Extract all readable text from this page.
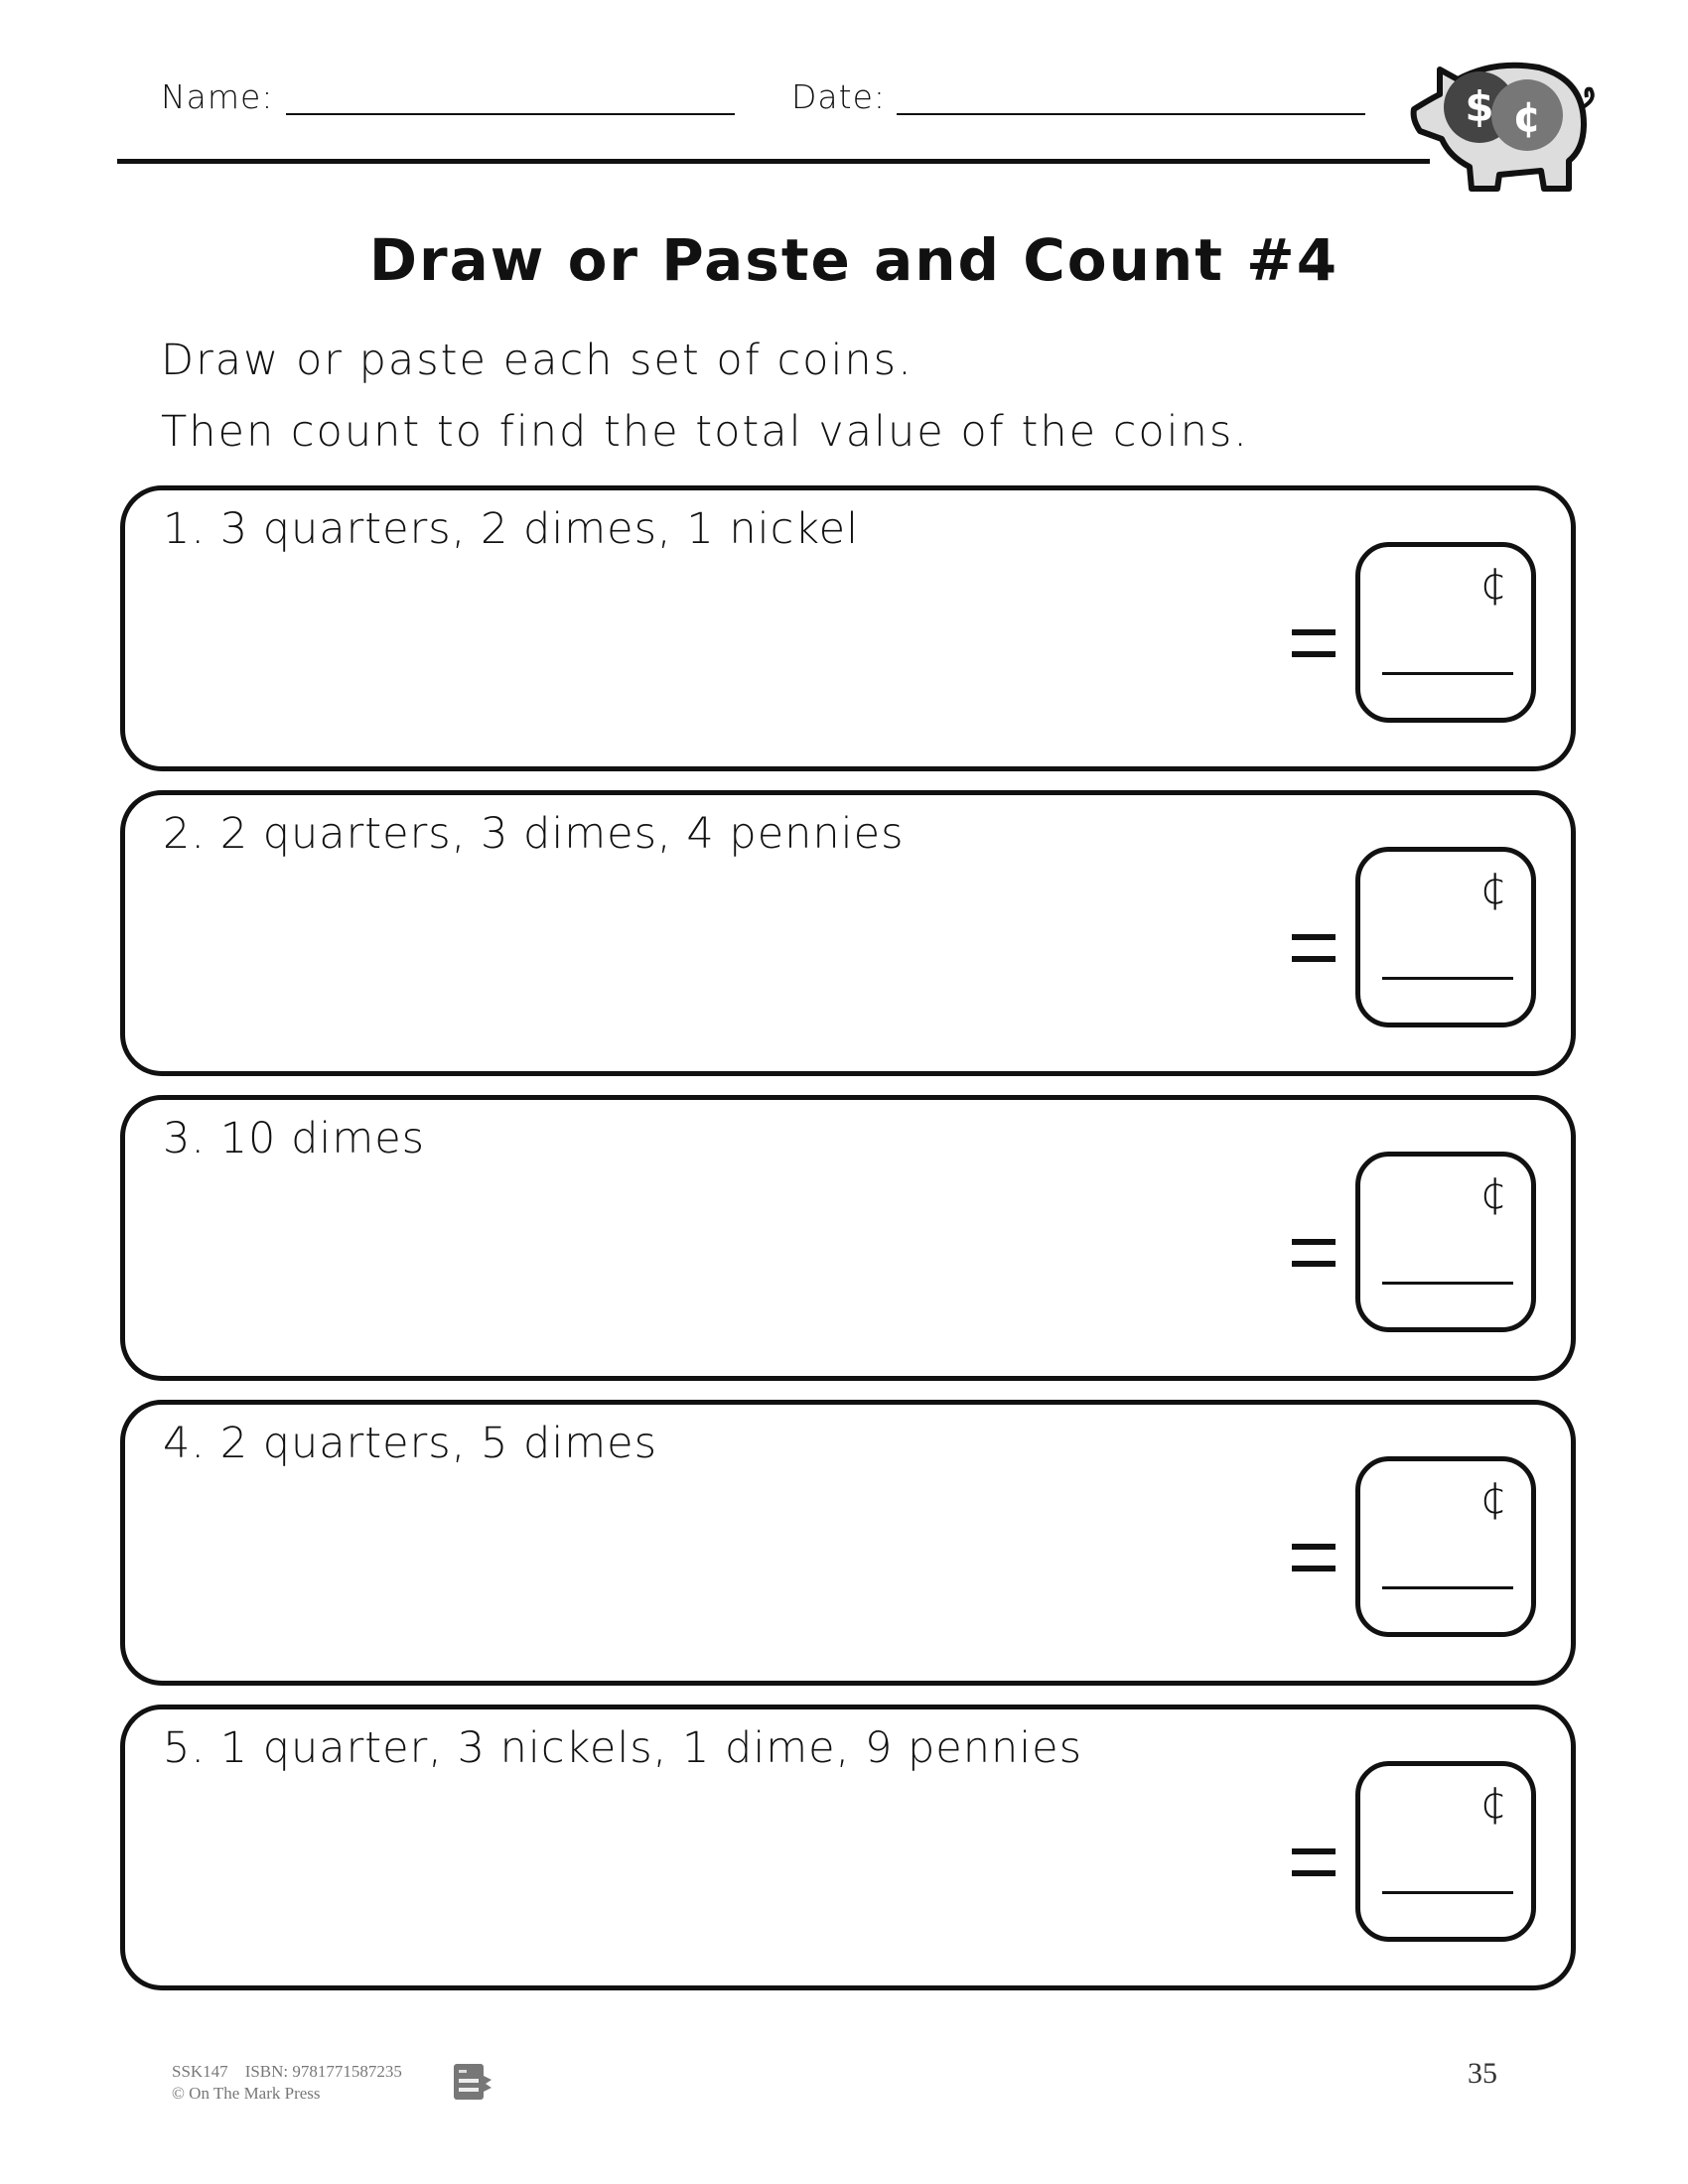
Name:	Date:	$ ¢
Draw or Paste and Count #4
Draw or paste each set of coins.
Then count to find the total value of the coins.
1. 3 quarters, 2 dimes, 1 nickel
¢
2. 2 quarters, 3 dimes, 4 pennies
¢
3. 10 dimes
¢
4. 2 quarters, 5 dimes
¢
5. 1 quarter, 3 nickels, 1 dime, 9 pennies
¢
SSK147 ISBN: 9781771587235
© On The Mark Press
35
